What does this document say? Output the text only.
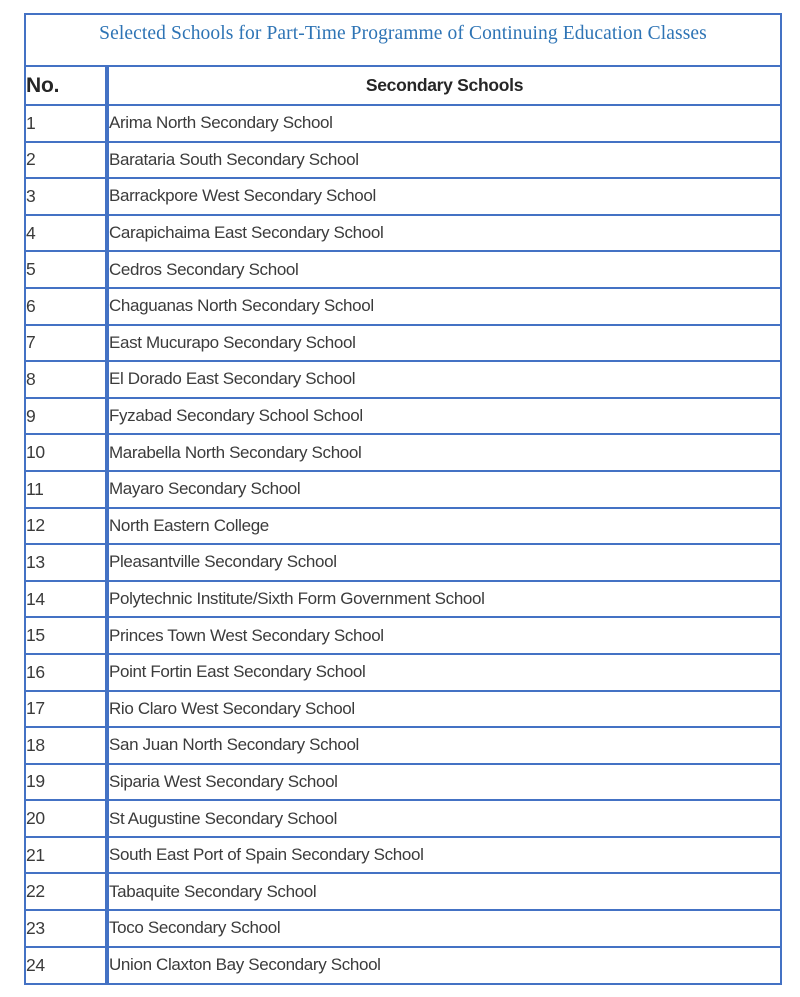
Selected Schools for Part-Time Programme of Continuing Education Classes
No.	Secondary Schools
1	Arima North Secondary School
2	Barataria South Secondary School
3	Barrackpore West Secondary School
4	Carapichaima East Secondary School
5	Cedros Secondary School
6	Chaguanas North Secondary School
7	East Mucurapo Secondary School
8	El Dorado East Secondary School
9	Fyzabad Secondary School School
10	Marabella North Secondary School
11	Mayaro Secondary School
12	North Eastern College
13	Pleasantville Secondary School
14	Polytechnic Institute/Sixth Form Government School
15	Princes Town West Secondary School
16	Point Fortin East Secondary School
17	Rio Claro West Secondary School
18	San Juan North Secondary School
19	Siparia West Secondary School
20	St Augustine Secondary School
21	South East Port of Spain Secondary School
22	Tabaquite Secondary School
23	Toco Secondary School
24	Union Claxton Bay Secondary School
